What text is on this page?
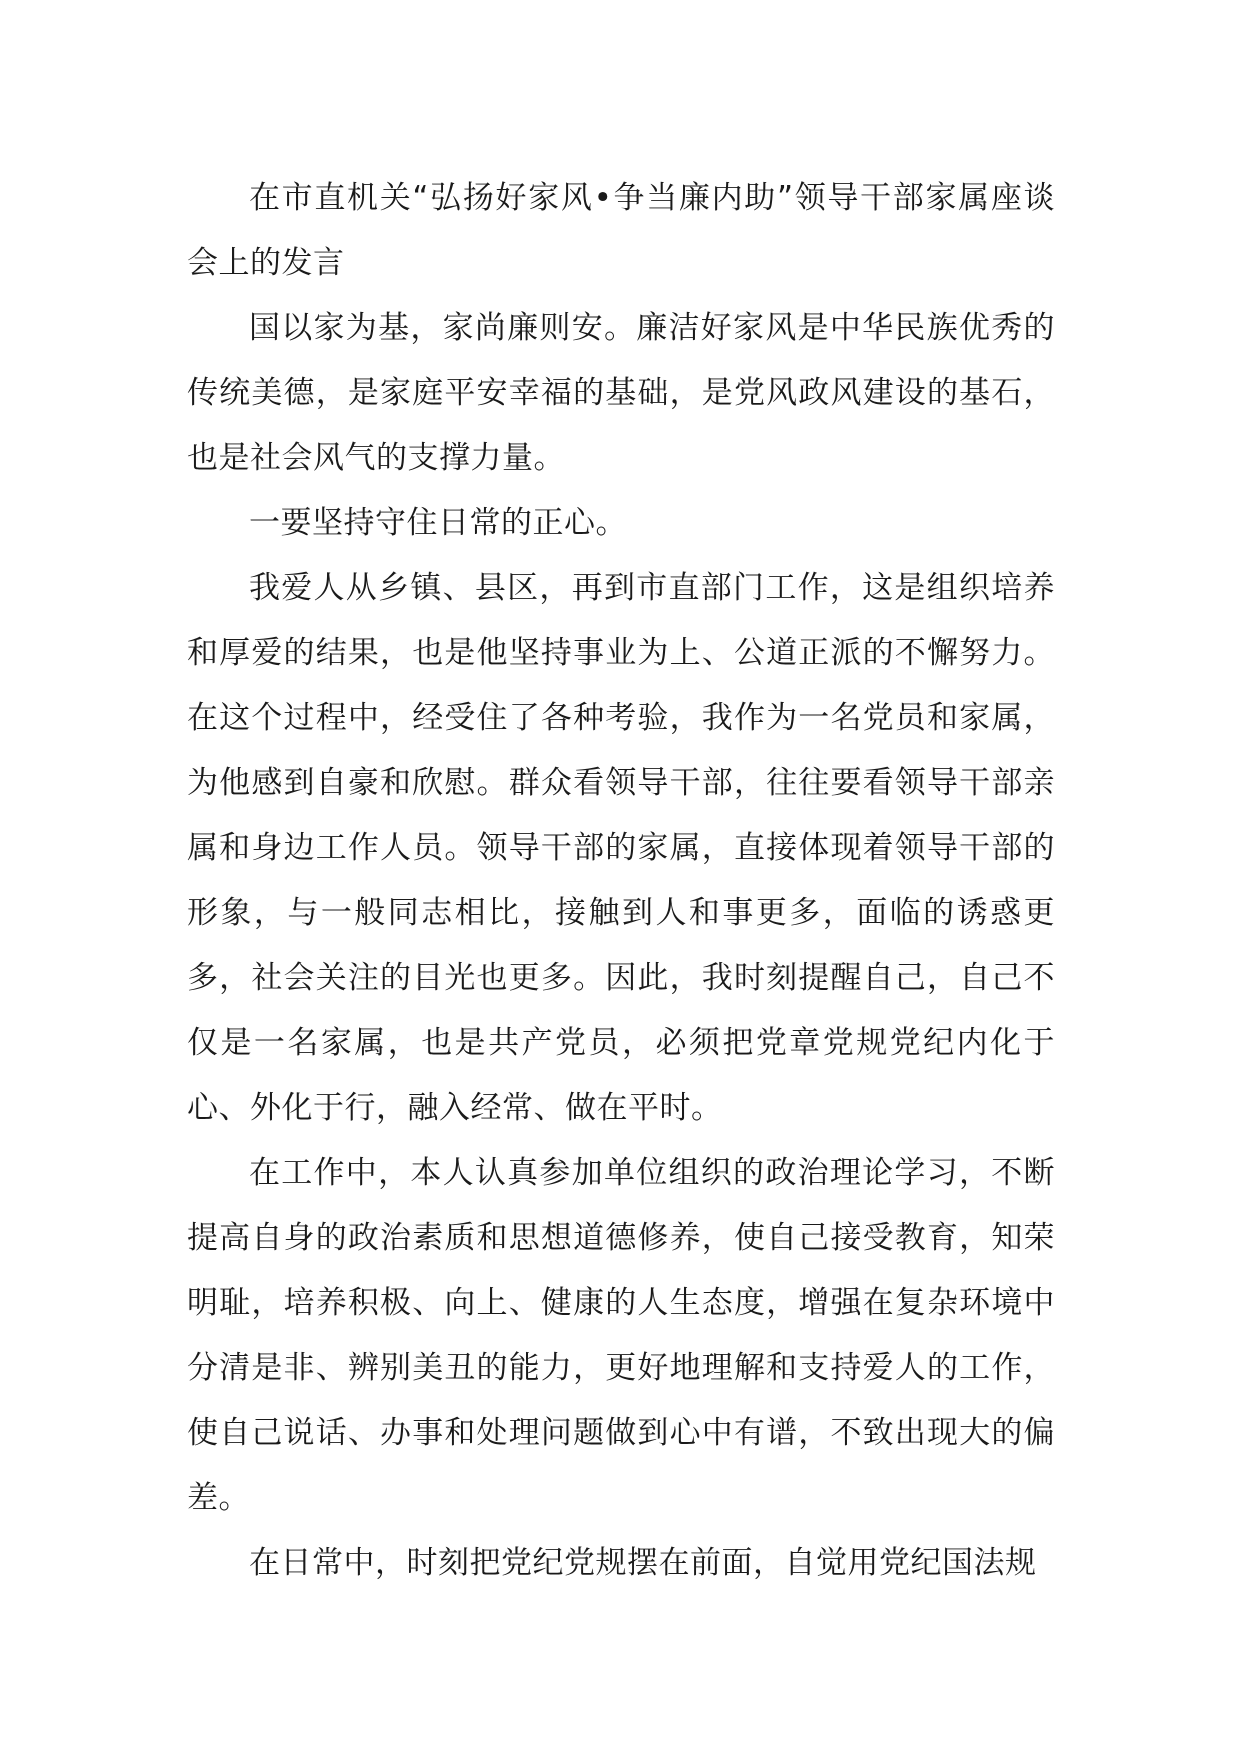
在市直机关“弘扬好家风•争当廉内助”领导干部家属座谈会上的发言

国以家为基，家尚廉则安。廉洁好家风是中华民族优秀的传统美德，是家庭平安幸福的基础，是党风政风建设的基石，也是社会风气的支撑力量。

一要坚持守住日常的正心。

我爱人从乡镇、县区，再到市直部门工作，这是组织培养和厚爱的结果，也是他坚持事业为上、公道正派的不懈努力。在这个过程中，经受住了各种考验，我作为一名党员和家属，为他感到自豪和欣慰。群众看领导干部，往往要看领导干部亲属和身边工作人员。领导干部的家属，直接体现着领导干部的形象，与一般同志相比，接触到人和事更多，面临的诱惑更多，社会关注的目光也更多。因此，我时刻提醒自己，自己不仅是一名家属，也是共产党员，必须把党章党规党纪内化于心、外化于行，融入经常、做在平时。

在工作中，本人认真参加单位组织的政治理论学习，不断提高自身的政治素质和思想道德修养，使自己接受教育，知荣明耻，培养积极、向上、健康的人生态度，增强在复杂环境中分清是非、辨别美丑的能力，更好地理解和支持爱人的工作，使自己说话、办事和处理问题做到心中有谱，不致出现大的偏差。

在日常中，时刻把党纪党规摆在前面，自觉用党纪国法规
